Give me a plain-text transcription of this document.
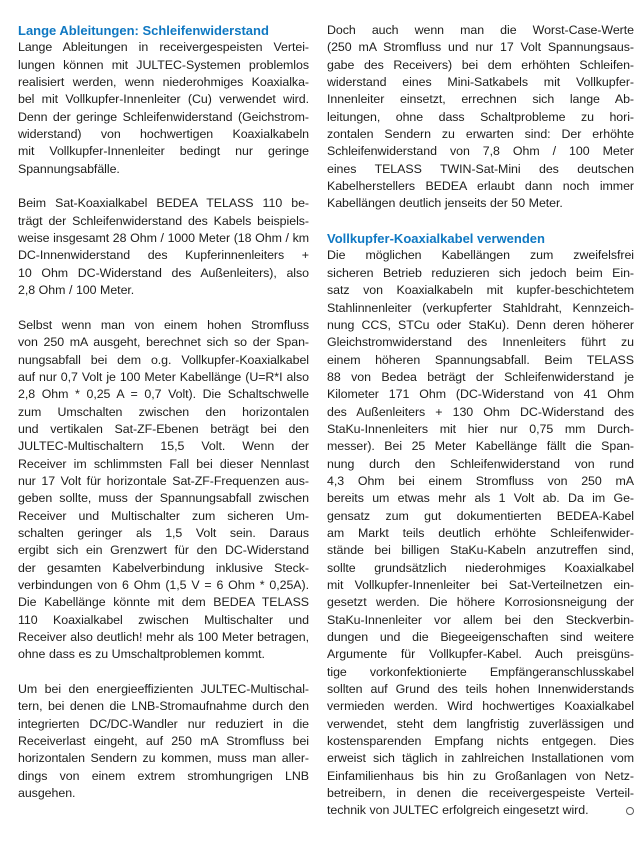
Lange Ableitungen: Schleifenwiderstand
Lange Ableitungen in receivergespeisten Vertei-
lungen können mit JULTEC-Systemen problemlos
realisiert werden, wenn niederohmiges Koaxialka-
bel mit Vollkupfer-Innenleiter (Cu) verwendet wird.
Denn der geringe Schleifenwiderstand (Geichstrom-
widerstand) von hochwertigen Koaxialkabeln
mit Vollkupfer-Innenleiter bedingt nur geringe
Spannungsabfälle.
Beim Sat-Koaxialkabel BEDEA TELASS 110 be-
trägt der Schleifenwiderstand des Kabels beispiels-
weise insgesamt 28 Ohm / 1000 Meter (18 Ohm / km
DC-Innenwiderstand des Kupferinnenleiters +
10 Ohm DC-Widerstand des Außenleiters), also
2,8 Ohm / 100 Meter.
Selbst wenn man von einem hohen Stromfluss
von 250 mA ausgeht, berechnet sich so der Span-
nungsabfall bei dem o.g. Vollkupfer-Koaxialkabel
auf nur 0,7 Volt je 100 Meter Kabellänge (U=R*I also
2,8 Ohm * 0,25 A = 0,7 Volt). Die Schaltschwelle
zum Umschalten zwischen den horizontalen
und vertikalen Sat-ZF-Ebenen beträgt bei den
JULTEC-Multischaltern 15,5 Volt. Wenn der
Receiver im schlimmsten Fall bei dieser Nennlast
nur 17 Volt für horizontale Sat-ZF-Frequenzen aus-
geben sollte, muss der Spannungsabfall zwischen
Receiver und Multischalter zum sicheren Um-
schalten geringer als 1,5 Volt sein. Daraus
ergibt sich ein Grenzwert für den DC-Widerstand
der gesamten Kabelverbindung inklusive Steck-
verbindungen von 6 Ohm (1,5 V = 6 Ohm * 0,25A).
Die Kabellänge könnte mit dem BEDEA TELASS
110 Koaxialkabel zwischen Multischalter und
Receiver also deutlich! mehr als 100 Meter betragen,
ohne dass es zu Umschaltproblemen kommt.
Um bei den energieeffizienten JULTEC-Multischal-
tern, bei denen die LNB-Stromaufnahme durch den
integrierten DC/DC-Wandler nur reduziert in die
Receiverlast eingeht, auf 250 mA Stromfluss bei
horizontalen Sendern zu kommen, muss man aller-
dings von einem extrem stromhungrigen LNB
ausgehen.
Doch auch wenn man die Worst-Case-Werte
(250 mA Stromfluss und nur 17 Volt Spannungsaus-
gabe des Receivers) bei dem erhöhten Schleifen-
widerstand eines Mini-Satkabels mit Vollkupfer-
Innenleiter einsetzt, errechnen sich lange Ab-
leitungen, ohne dass Schaltprobleme zu hori-
zontalen Sendern zu erwarten sind: Der erhöhte
Schleifenwiderstand von 7,8 Ohm / 100 Meter
eines TELASS TWIN-Sat-Mini des deutschen
Kabelherstellers BEDEA erlaubt dann noch immer
Kabellängen deutlich jenseits der 50 Meter.
Vollkupfer-Koaxialkabel verwenden
Die möglichen Kabellängen zum zweifelsfrei
sicheren Betrieb reduzieren sich jedoch beim Ein-
satz von Koaxialkabeln mit kupfer-beschichtetem
Stahlinnenleiter (verkupferter Stahldraht, Kennzeich-
nung CCS, STCu oder StaKu). Denn deren höherer
Gleichstromwiderstand des Innenleiters führt zu
einem höheren Spannungsabfall. Beim TELASS
88 von Bedea beträgt der Schleifenwiderstand je
Kilometer 171 Ohm (DC-Widerstand von 41 Ohm
des Außenleiters + 130 Ohm DC-Widerstand des
StaKu-Innenleiters mit hier nur 0,75 mm Durch-
messer). Bei 25 Meter Kabellänge fällt die Span-
nung durch den Schleifenwiderstand von rund
4,3 Ohm bei einem Stromfluss von 250 mA
bereits um etwas mehr als 1 Volt ab. Da im Ge-
gensatz zum gut dokumentierten BEDEA-Kabel
am Markt teils deutlich erhöhte Schleifenwider-
stände bei billigen StaKu-Kabeln anzutreffen sind,
sollte grundsätzlich niederohmiges Koaxialkabel
mit Vollkupfer-Innenleiter bei Sat-Verteilnetzen ein-
gesetzt werden. Die höhere Korrosionsneigung der
StaKu-Innenleiter vor allem bei den Steckverbin-
dungen und die Biegeeigenschaften sind weitere
Argumente für Vollkupfer-Kabel. Auch preisgüns-
tige vorkonfektionierte Empfängeranschlusskabel
sollten auf Grund des teils hohen Innenwiderstands
vermieden werden. Wird hochwertiges Koaxialkabel
verwendet, steht dem langfristig zuverlässigen und
kostensparenden Empfang nichts entgegen. Dies
erweist sich täglich in zahlreichen Installationen vom
Einfamilienhaus bis hin zu Großanlagen von Netz-
betreibern, in denen die receivergespeiste Verteil-
technik von JULTEC erfolgreich eingesetzt wird.
